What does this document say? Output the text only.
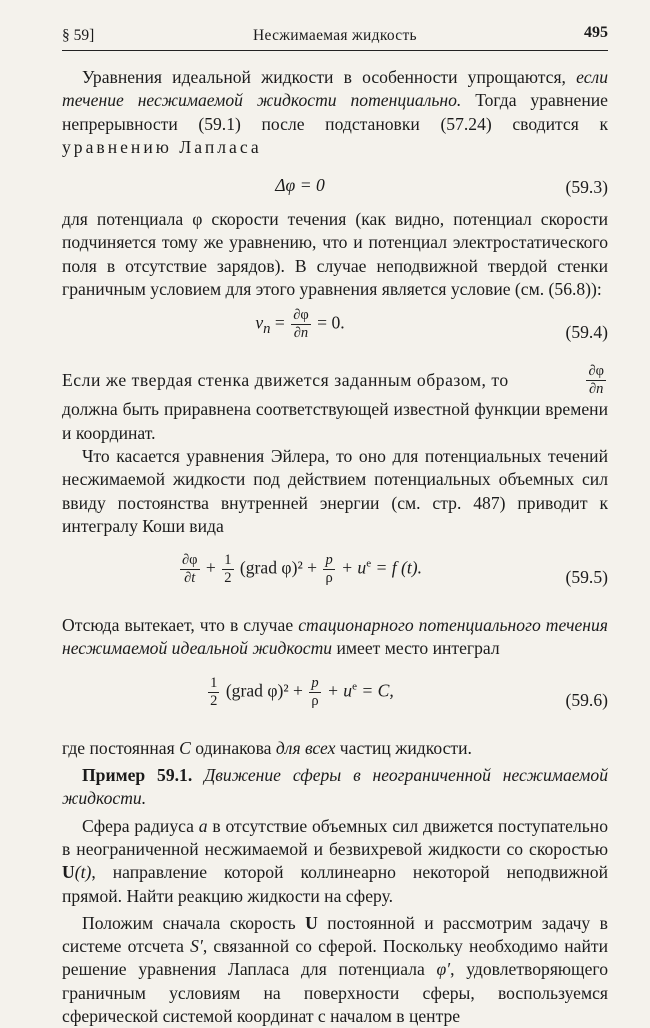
§ 59]	Несжимаемая жидкость	495

Уравнения идеальной жидкости в особенности упрощаются, если течение несжимаемой жидкости потенциально. Тогда уравнение непрерывности (59.1) после подстановки (57.24) сводится к уравнению Лапласа

Δφ = 0	(59.3)

для потенциала φ скорости течения (как видно, потенциал скорости подчиняется тому же уравнению, что и потенциал электростатического поля в отсутствие зарядов). В случае неподвижной твердой стенки граничным условием для этого уравнения является условие (см. (56.8)):

$v_n = \frac{\partial\varphi}{\partial n} = 0$.	(59.4)
Если же твердая стенка движется заданным образом, то	$\frac{\partial\varphi}{\partial n}$

должна быть приравнена соответствующей известной функции времени и координат.

Что касается уравнения Эйлера, то оно для потенциальных течений несжимаемой жидкости под действием потенциальных объемных сил ввиду постоянства внутренней энергии (см. стр. 487) приводит к интегралу Коши вида

$\frac{\partial\varphi}{\partial t} + \frac{1}{2}$ (grad $\varphi)^2 + \frac{p}{\rho} + u^e = f$ (t).	(59.5)

Отсюда вытекает, что в случае стационарного потенциального течения несжимаемой идеальной жидкости имеет место интеграл

$\frac{1}{2}$ (grad $\varphi)^2 + \frac{p}{\rho} + u^e = C$,	(59.6)

где постоянная C одинакова для всех частиц жидкости.

Пример 59.1. Движение сферы в неограниченной несжимаемой жидкости.

Сфера радиуса a в отсутствие объемных сил движется поступательно в неограниченной несжимаемой и безвихревой жидкости со скоростью U(t), направление которой коллинеарно некоторой неподвижной прямой. Найти реакцию жидкости на сферу.

Положим сначала скорость U постоянной и рассмотрим задачу в системе отсчета S′, связанной со сферой. Поскольку необходимо найти решение уравнения Лапласа для потенциала φ′, удовлетворяющего граничным условиям на поверхности сферы, воспользуемся сферической системой координат с началом в центре
